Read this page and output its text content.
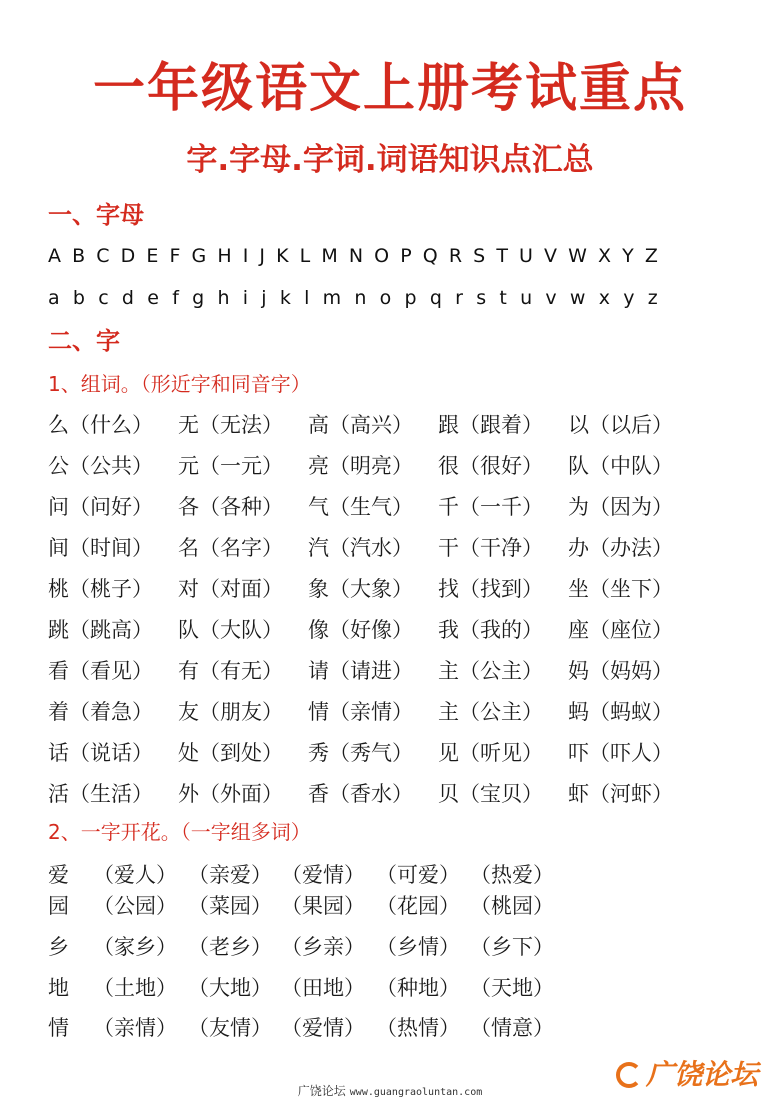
一年级语文上册考试重点
字.字母.字词.词语知识点汇总
一、字母
A B C D E F G H I J K L M N O P Q R S T U V W X Y Z
a b c d e f g h i j k l m n o p q r s t u v w x y z
二、字
1、组词。（形近字和同音字）
么（什么） 无（无法） 高（高兴） 跟（跟着） 以（以后）
公（公共） 元（一元） 亮（明亮） 很（很好） 队（中队）
问（问好） 各（各种） 气（生气） 千（一千） 为（因为）
间（时间） 名（名字） 汽（汽水） 干（干净） 办（办法）
桃（桃子） 对（对面） 象（大象） 找（找到） 坐（坐下）
跳（跳高） 队（大队） 像（好像） 我（我的） 座（座位）
看（看见） 有（有无） 请（请进） 主（公主） 妈（妈妈）
着（着急） 友（朋友） 情（亲情） 主（公主） 蚂（蚂蚁）
话（说话） 处（到处） 秀（秀气） 见（听见） 吓（吓人）
活（生活） 外（外面） 香（香水） 贝（宝贝） 虾（河虾）
2、一字开花。（一字组多词）
爱 （爱人） （亲爱） （爱情） （可爱） （热爱）
园 （公园） （菜园） （果园） （花园） （桃园）
乡 （家乡） （老乡） （乡亲） （乡情） （乡下）
地 （土地） （大地） （田地） （种地） （天地）
情 （亲情） （友情） （爱情） （热情） （情意）
广饶论坛 www.guangraoluntan.com
广饶论坛
